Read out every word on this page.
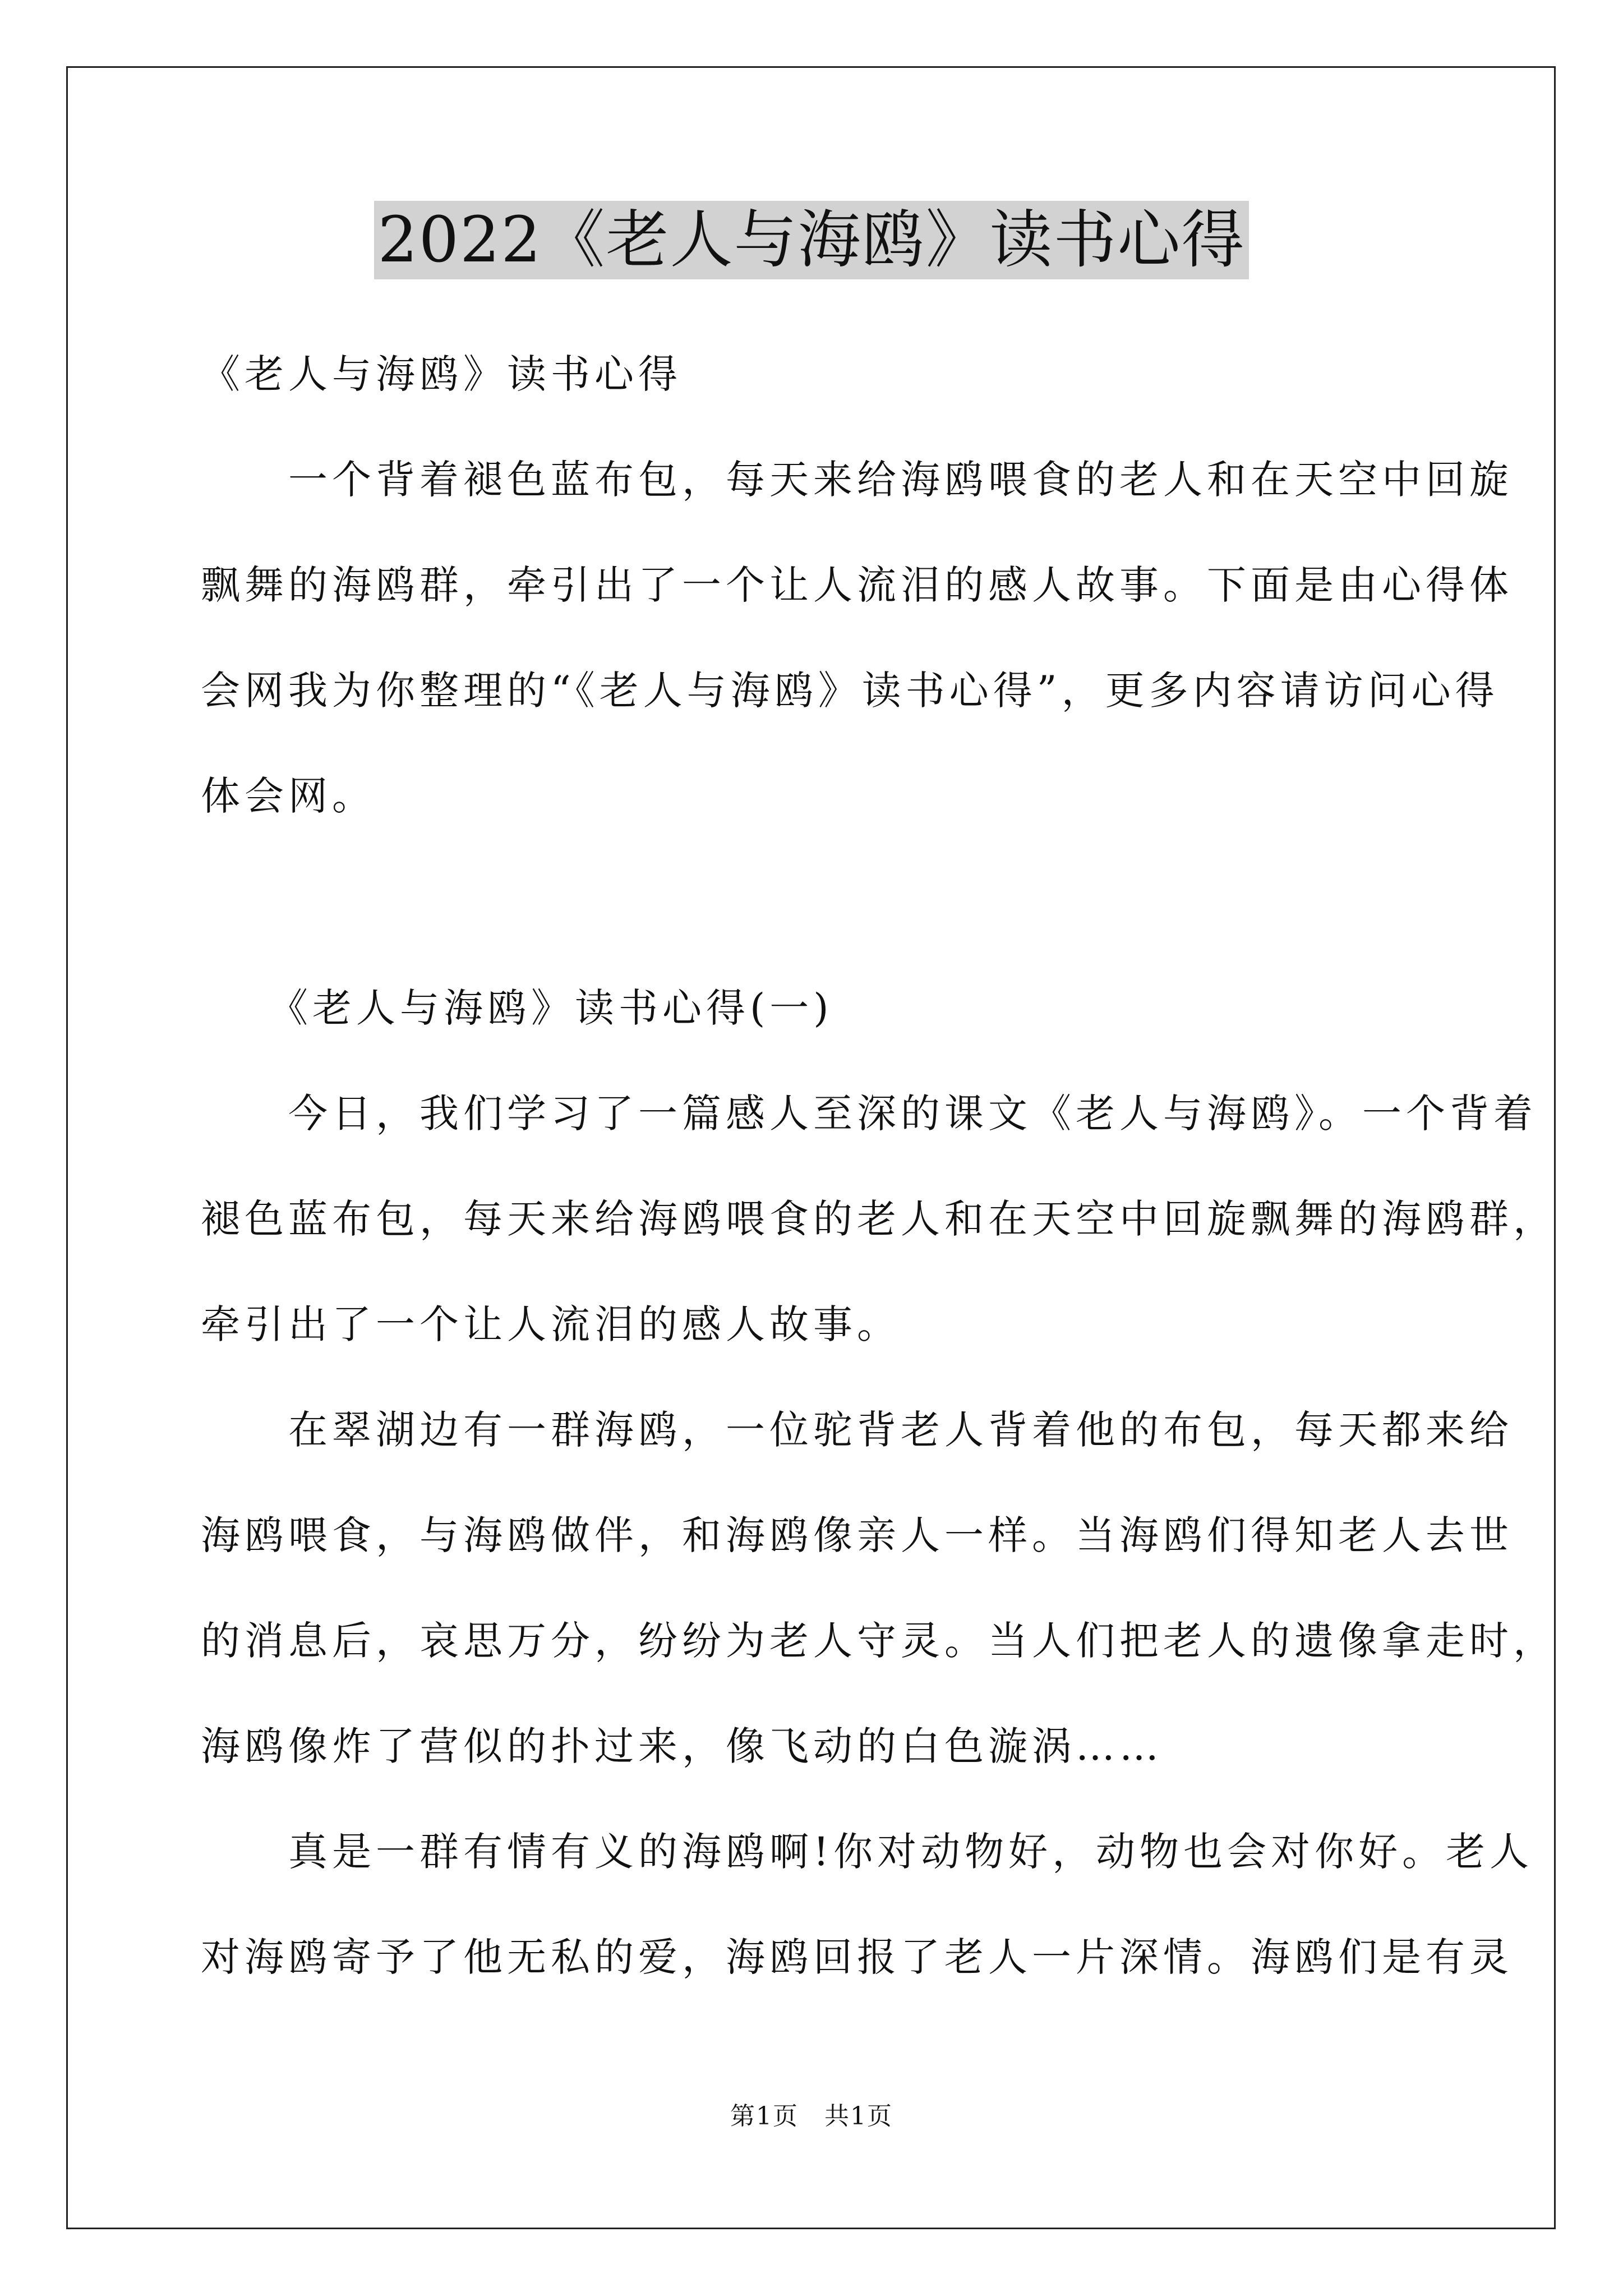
2022《老人与海鸥》读书心得
《老人与海鸥》读书心得
　　一个背着褪色蓝布包，每天来给海鸥喂食的老人和在天空中回旋
飘舞的海鸥群，牵引出了一个让人流泪的感人故事。下面是由心得体
会网我为你整理的“《老人与海鸥》读书心得”，更多内容请访问心得
体会网。
　　《老人与海鸥》读书心得(一)
　　今日，我们学习了一篇感人至深的课文《老人与海鸥》。一个背着
褪色蓝布包，每天来给海鸥喂食的老人和在天空中回旋飘舞的海鸥群，
牵引出了一个让人流泪的感人故事。
　　在翠湖边有一群海鸥，一位驼背老人背着他的布包，每天都来给
海鸥喂食，与海鸥做伴，和海鸥像亲人一样。当海鸥们得知老人去世
的消息后，哀思万分，纷纷为老人守灵。当人们把老人的遗像拿走时，
海鸥像炸了营似的扑过来，像飞动的白色漩涡……
　　真是一群有情有义的海鸥啊!你对动物好，动物也会对你好。老人
对海鸥寄予了他无私的爱，海鸥回报了老人一片深情。海鸥们是有灵
第1页　共1页
